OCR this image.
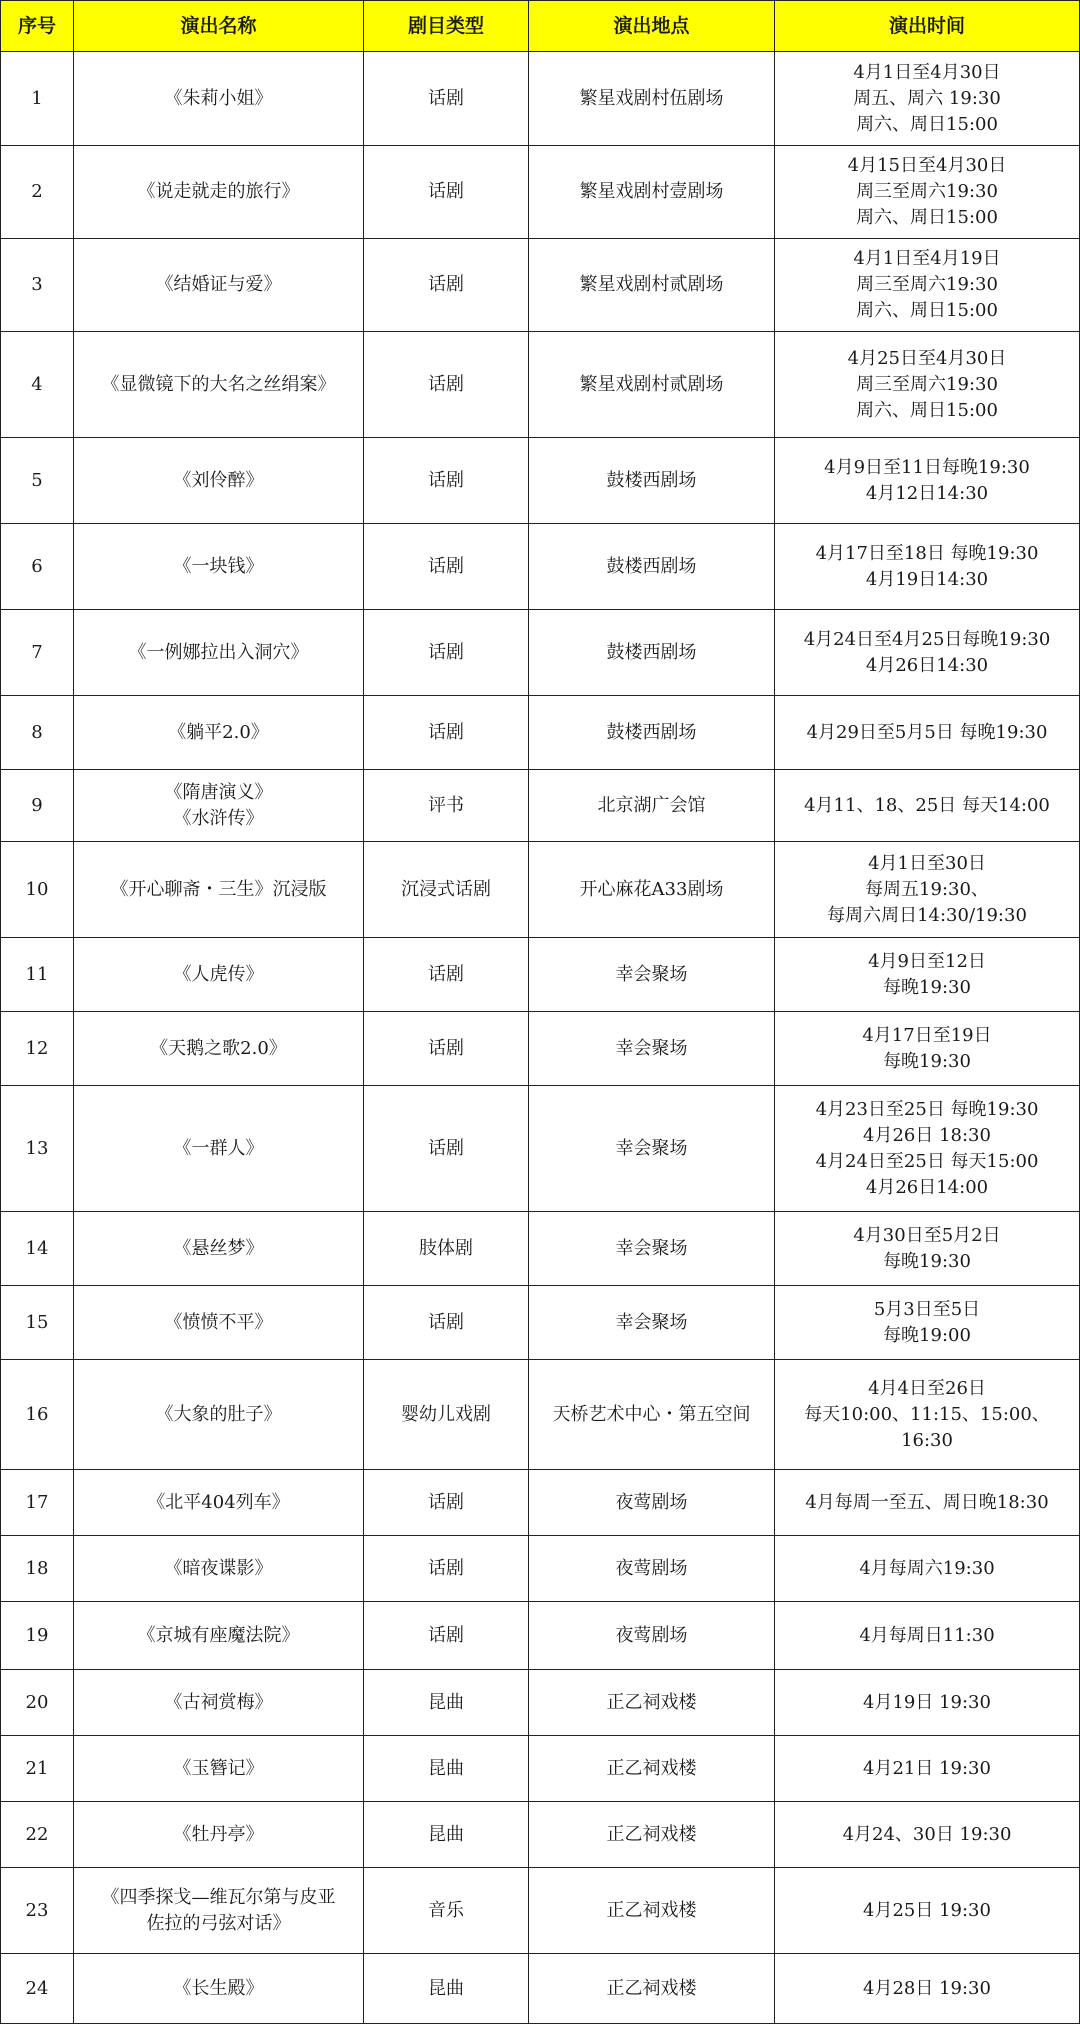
序号	演出名称	剧目类型	演出地点	演出时间
1	《朱莉小姐》	话剧	繁星戏剧村伍剧场	4月1日至4月30日
周五、周六 19:30
周六、周日15:00

2	《说走就走的旅行》	话剧	繁星戏剧村壹剧场	4月15日至4月30日
周三至周六19:30
周六、周日15:00

3	《结婚证与爱》	话剧	繁星戏剧村贰剧场	4月1日至4月19日
周三至周六19:30
周六、周日15:00

4	《显微镜下的大名之丝绢案》	话剧	繁星戏剧村贰剧场	4月25日至4月30日
周三至周六19:30
周六、周日15:00

5	《刘伶醉》	话剧	鼓楼西剧场	4月9日至11日每晚19:30
4月12日14:30

6	《一块钱》	话剧	鼓楼西剧场	4月17日至18日 每晚19:30
4月19日14:30

7	《一例娜拉出入洞穴》	话剧	鼓楼西剧场	4月24日至4月25日每晚19:30
4月26日14:30

8	《躺平2.0》	话剧	鼓楼西剧场	4月29日至5月5日 每晚19:30

9	《隋唐演义》
《水浒传》	评书	北京湖广会馆	4月11、18、25日 每天14:00

10	《开心聊斋・三生》沉浸版	沉浸式话剧	开心麻花A33剧场	4月1日至30日
每周五19:30、
每周六周日14:30/19:30

11	《人虎传》	话剧	幸会聚场	4月9日至12日
每晚19:30

12	《天鹅之歌2.0》	话剧	幸会聚场	4月17日至19日
每晚19:30

13	《一群人》	话剧	幸会聚场	4月23日至25日 每晚19:30
4月26日 18:30
4月24日至25日 每天15:00
4月26日14:00

14	《悬丝梦》	肢体剧	幸会聚场	4月30日至5月2日
每晚19:30

15	《愤愤不平》	话剧	幸会聚场	5月3日至5日
每晚19:00

16	《大象的肚子》	婴幼儿戏剧	天桥艺术中心・第五空间	4月4日至26日
每天10:00、11:15、15:00、
16:30

17	《北平404列车》	话剧	夜莺剧场	4月每周一至五、周日晚18:30

18	《暗夜谍影》	话剧	夜莺剧场	4月每周六19:30

19	《京城有座魔法院》	话剧	夜莺剧场	4月每周日11:30

20	《古祠赏梅》	昆曲	正乙祠戏楼	4月19日 19:30

21	《玉簪记》	昆曲	正乙祠戏楼	4月21日 19:30

22	《牡丹亭》	昆曲	正乙祠戏楼	4月24、30日 19:30

23	《四季探戈—维瓦尔第与皮亚
佐拉的弓弦对话》	音乐	正乙祠戏楼	4月25日 19:30

24	《长生殿》	昆曲	正乙祠戏楼	4月28日 19:30
